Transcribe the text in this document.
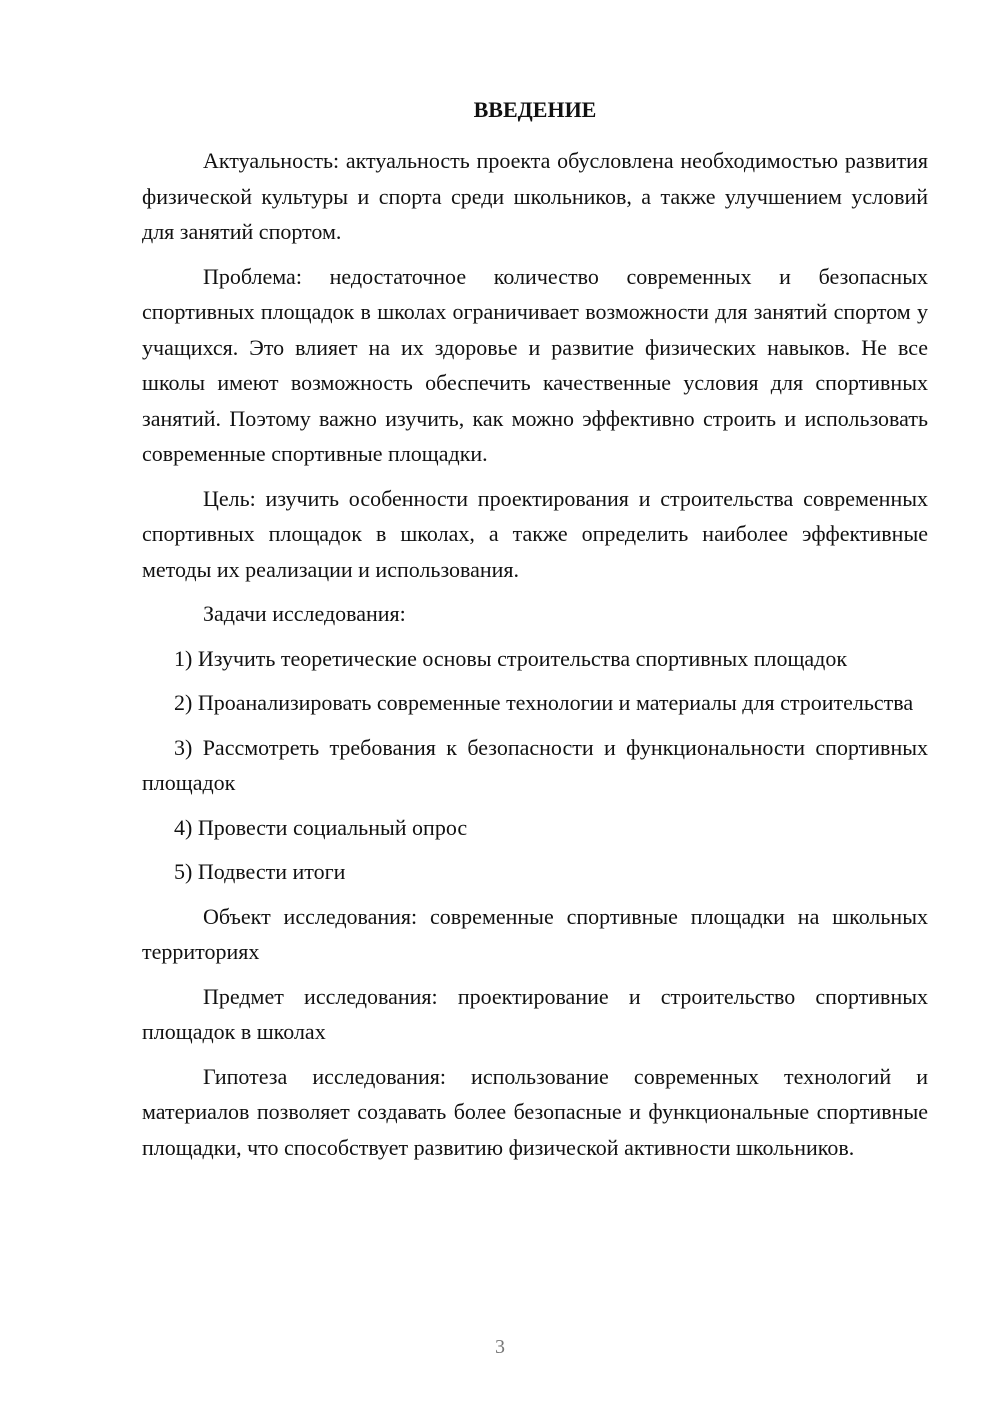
ВВЕДЕНИЕ

Актуальность: актуальность проекта обусловлена необходимостью развития физической культуры и спорта среди школьников, а также улучшением условий для занятий спортом.

Проблема: недостаточное количество современных и безопасных спортивных площадок в школах ограничивает возможности для занятий спортом у учащихся. Это влияет на их здоровье и развитие физических навыков. Не все школы имеют возможность обеспечить качественные условия для спортивных занятий. Поэтому важно изучить, как можно эффективно строить и использовать современные спортивные площадки.

Цель: изучить особенности проектирования и строительства современных спортивных площадок в школах, а также определить наиболее эффективные методы их реализации и использования.

Задачи исследования:

1) Изучить теоретические основы строительства спортивных площадок

2) Проанализировать современные технологии и материалы для строительства

3) Рассмотреть требования к безопасности и функциональности спортивных площадок

4) Провести социальный опрос

5) Подвести итоги

Объект исследования: современные спортивные площадки на школьных территориях

Предмет исследования: проектирование и строительство спортивных площадок в школах

Гипотеза исследования: использование современных технологий и материалов позволяет создавать более безопасные и функциональные спортивные площадки, что способствует развитию физической активности школьников.

3
